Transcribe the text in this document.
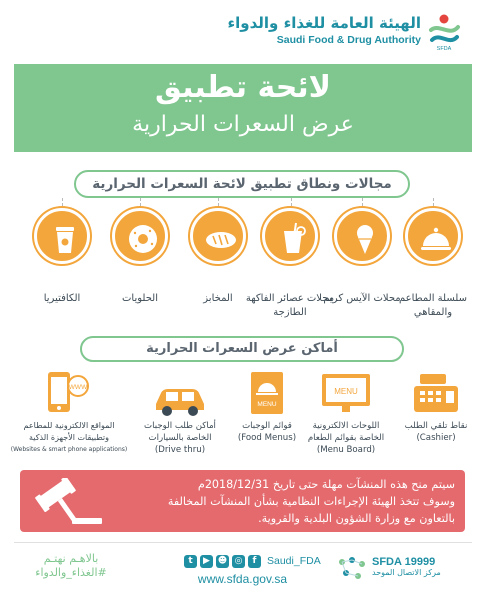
الهيئة العامة للغذاء والدواء
Saudi Food & Drug Authority
SFDA
لائحة تطبيق
عرض السعرات الحرارية
مجالات ونطاق تطبيق لائحة السعرات الحرارية
سلسلة المطاعم والمقاهي
محلات الآيس كريم
محلات عصائر الفاكهة الطازجة
المخابز
الحلويات
الكافتيريا
أماكن عرض السعرات الحرارية
MENU
MENU
WWW
نقاط تلقي الطلب
(Cashier)
اللوحات الالكترونية
الخاصة بقوائم الطعام
(Menu Board)
قوائم الوجبات
(Food Menus)
أماكن طلب الوجبات
الخاصة بالسيارات
(Drive thru)
المواقع الالكترونية للمطاعم
وتطبيقات الأجهزة الذكية
(Websites & smart phone applications)
سيتم منح هذه المنشآت مهلة حتى تاريخ 2018/12/31م
وسوف تتخذ الهيئة الإجراءات النظامية بشأن المنشآت المخالفة
بالتعاون مع وزارة الشؤون البلدية والقروية.
بالاهـم نهتـم
#الغذاء_والدواء
t	▶ ☻ ◎	f	Saudi_FDA
www.sfda.gov.sa
SFDA 19999
مركز الاتصال الموحد
